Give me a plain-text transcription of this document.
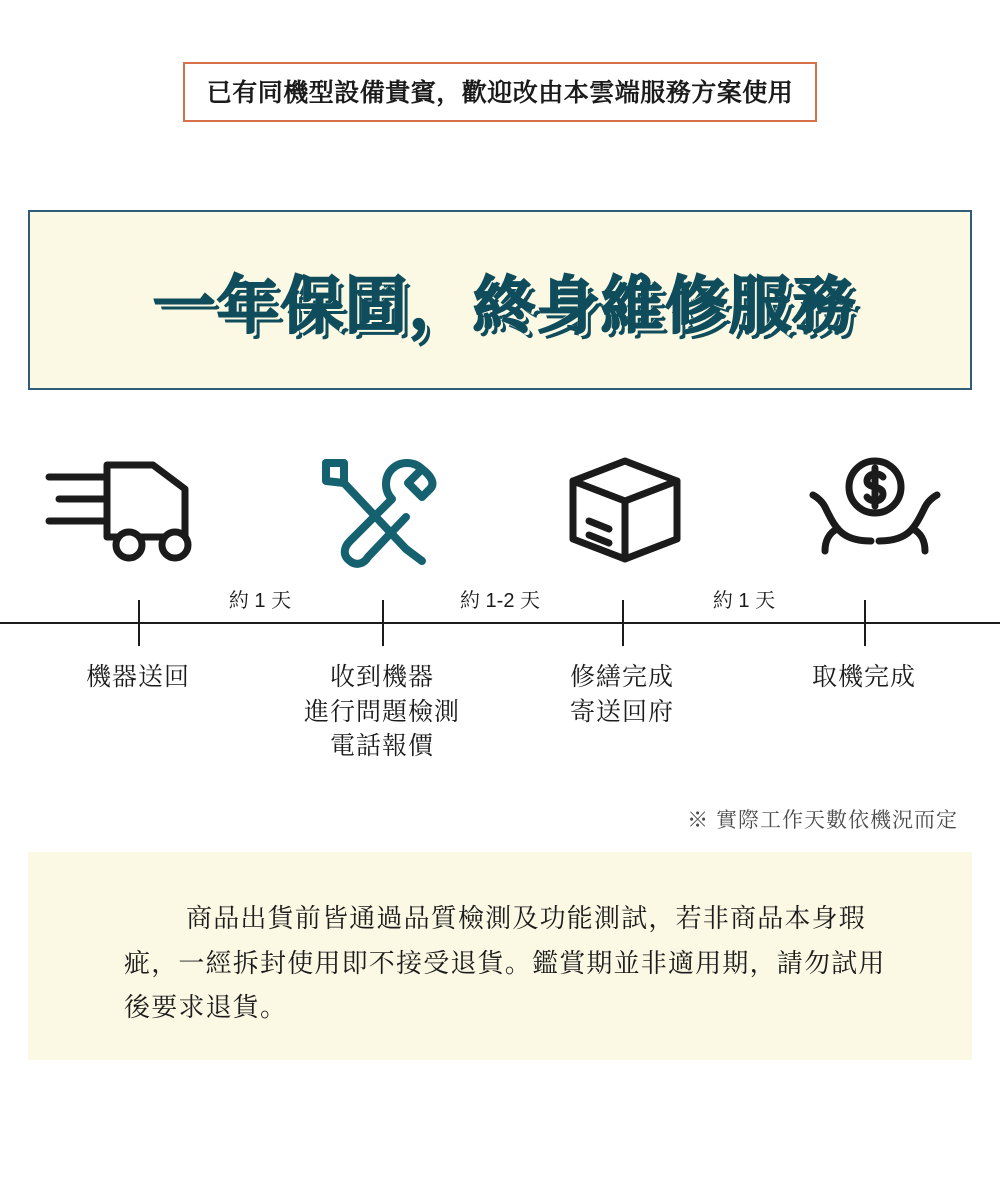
已有同機型設備貴賓，歡迎改由本雲端服務方案使用
一年保固，終身維修服務
約 1 天	約 1-2 天	約 1 天
機器送回	收到機器
進行問題檢測
電話報價
修繕完成
寄送回府
取機完成
※ 實際工作天數依機況而定
商品出貨前皆通過品質檢測及功能測試，若非商品本身瑕疵，一經拆封使用即不接受退貨。鑑賞期並非適用期，請勿試用後要求退貨。
